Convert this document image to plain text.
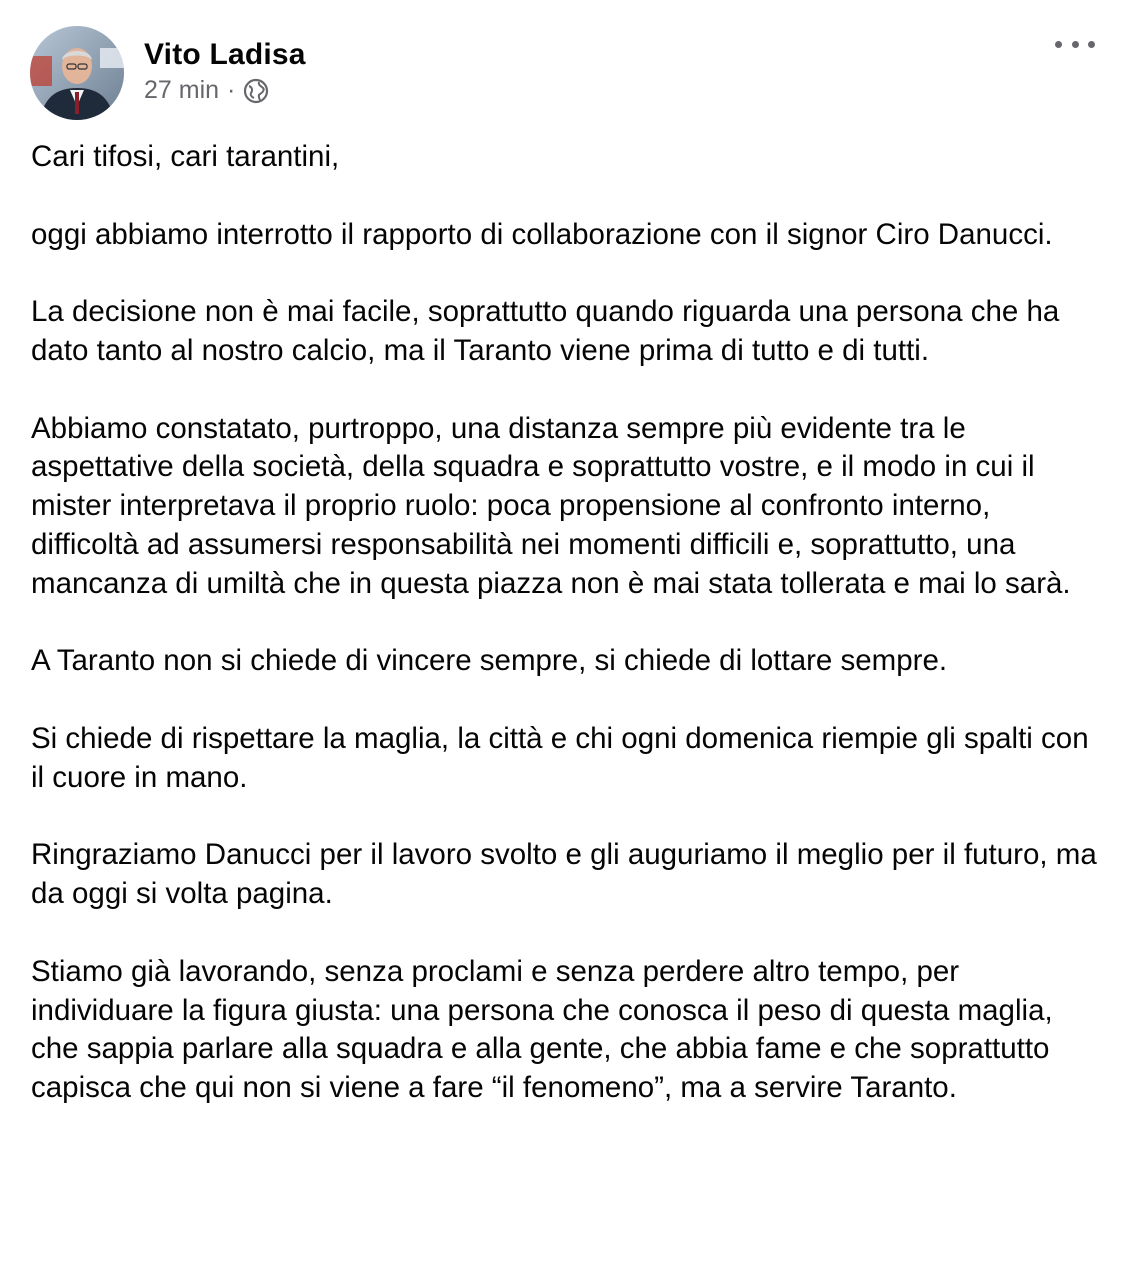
Vito Ladisa
27 min ·

Cari tifosi, cari tarantini,

oggi abbiamo interrotto il rapporto di collaborazione con il signor Ciro Danucci.

La decisione non è mai facile, soprattutto quando riguarda una persona che ha dato tanto al nostro calcio, ma il Taranto viene prima di tutto e di tutti.

Abbiamo constatato, purtroppo, una distanza sempre più evidente tra le aspettative della società, della squadra e soprattutto vostre, e il modo in cui il mister interpretava il proprio ruolo: poca propensione al confronto interno, difficoltà ad assumersi responsabilità nei momenti difficili e, soprattutto, una mancanza di umiltà che in questa piazza non è mai stata tollerata e mai lo sarà.

A Taranto non si chiede di vincere sempre, si chiede di lottare sempre.

Si chiede di rispettare la maglia, la città e chi ogni domenica riempie gli spalti con il cuore in mano.

Ringraziamo Danucci per il lavoro svolto e gli auguriamo il meglio per il futuro, ma da oggi si volta pagina.

Stiamo già lavorando, senza proclami e senza perdere altro tempo, per individuare la figura giusta: una persona che conosca il peso di questa maglia, che sappia parlare alla squadra e alla gente, che abbia fame e che soprattutto capisca che qui non si viene a fare “il fenomeno”, ma a servire Taranto.
